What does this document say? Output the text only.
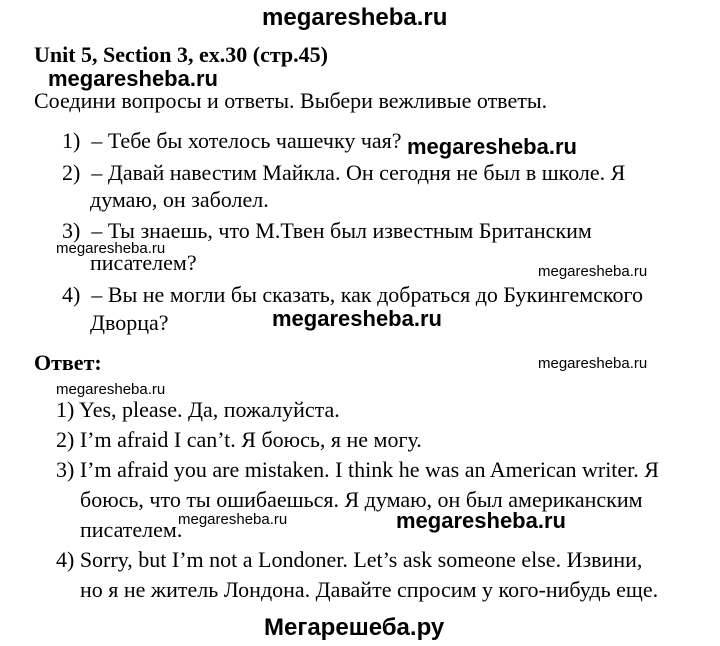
megaresheba.ru
Unit 5, Section 3, ex.30 (стр.45)
megaresheba.ru
Соедини вопросы и ответы. Выбери вежливые ответы.
1)  – Тебе бы хотелось чашечку чая? megaresheba.ru
2)  – Давай навестим Майкла. Он сегодня не был в школе. Я
думаю, он заболел.
3)  – Ты знаешь, что М.Твен был известным Британским
megaresheba.ru
писателем?	megaresheba.ru
4)  – Вы не могли бы сказать, как добраться до Букингемского
Дворца?	megaresheba.ru
Ответ:	megaresheba.ru
megaresheba.ru
1) Yes, please. Да, пожалуйста.
2) I’m afraid I can’t. Я боюсь, я не могу.
3) I’m afraid you are mistaken. I think he was an American writer. Я
боюсь, что ты ошибаешься. Я думаю, он был американским
писателем.
megaresheba.ru	megaresheba.ru
4) Sorry, but I’m not a Londoner. Let’s ask someone else. Извини,
но я не житель Лондона. Давайте спросим у кого-нибудь еще.
Мегарешеба.ру
